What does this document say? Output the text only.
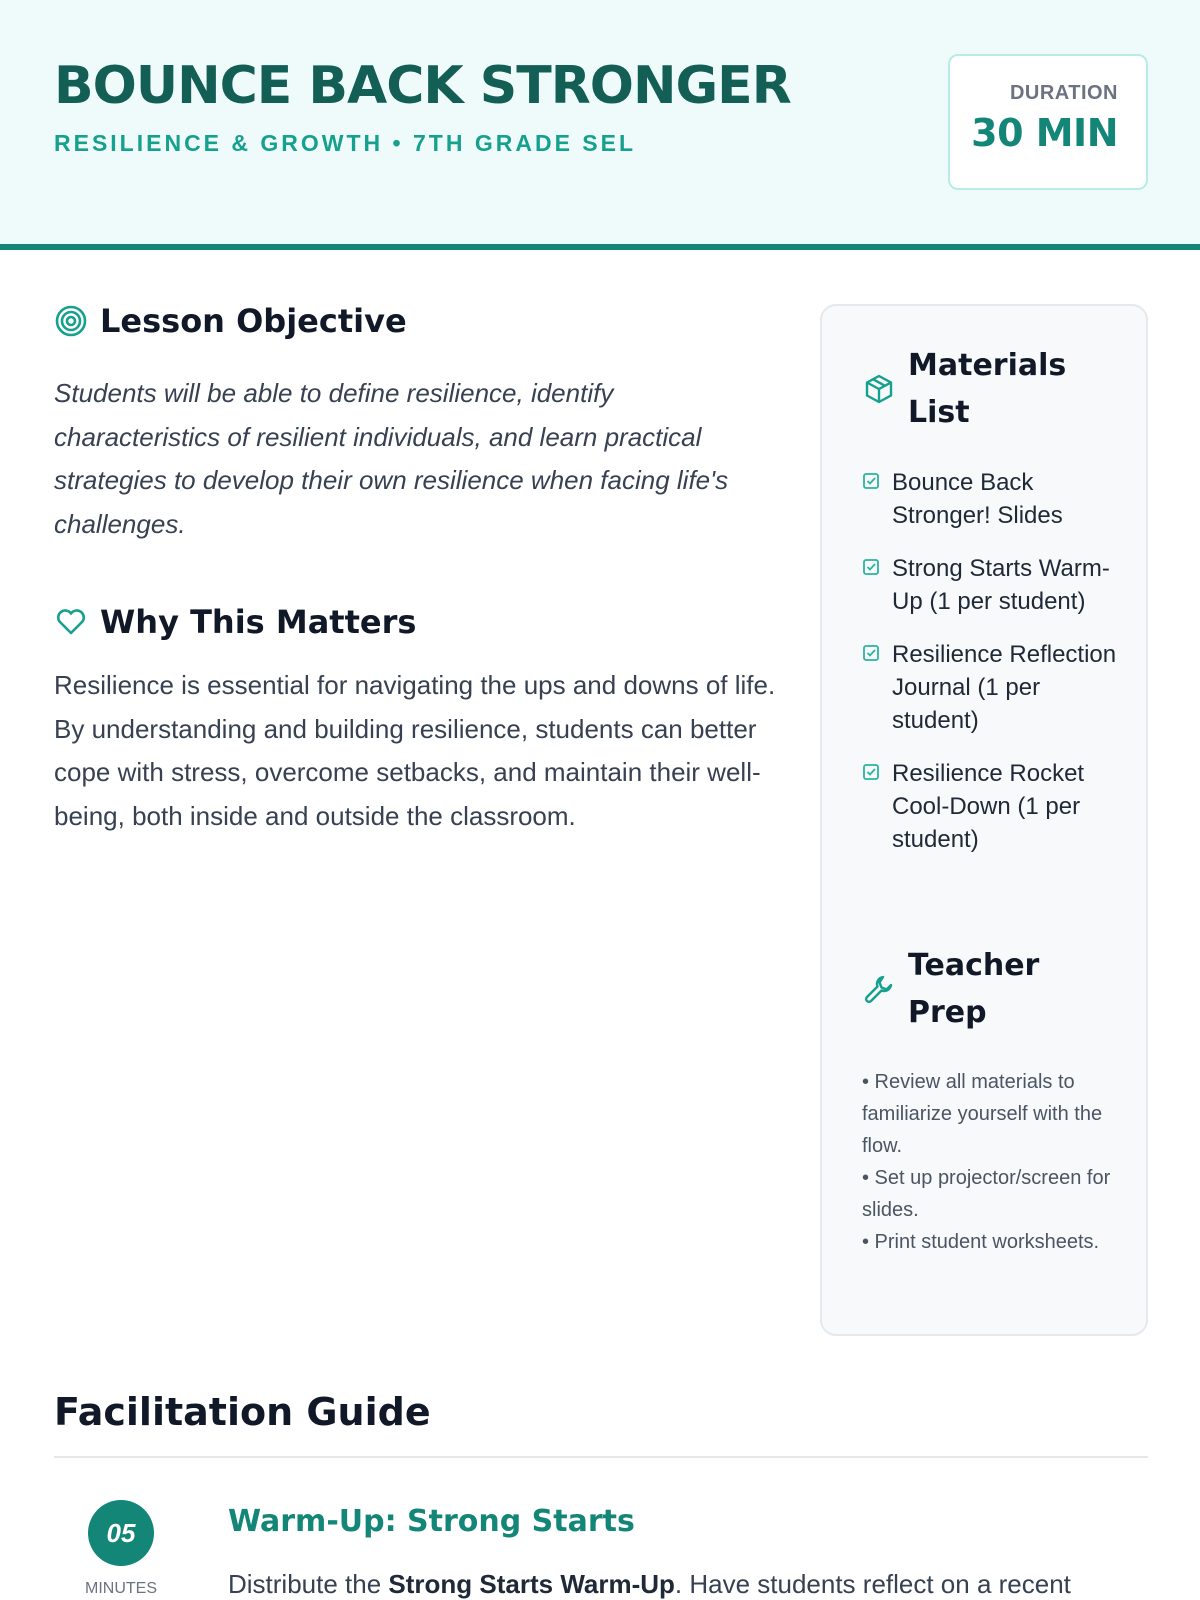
BOUNCE BACK STRONGER
RESILIENCE & GROWTH • 7TH GRADE SEL
DURATION
30 MIN
Lesson Objective

Students will be able to define resilience, identify characteristics of resilient individuals, and learn practical strategies to develop their own resilience when facing life's challenges.

Why This Matters

Resilience is essential for navigating the ups and downs of life. By understanding and building resilience, students can better cope with stress, overcome setbacks, and maintain their well-being, both inside and outside the classroom.

Materials List
Bounce Back Stronger! Slides
Strong Starts Warm-Up (1 per student)
Resilience Reflection Journal (1 per student)
Resilience Rocket Cool-Down (1 per student)
Teacher Prep
• Review all materials to familiarize yourself with the flow.
• Set up projector/screen for slides.
• Print student worksheets.
Facilitation Guide
05
MINUTES
Warm-Up: Strong Starts

Distribute the Strong Starts Warm-Up. Have students reflect on a recent
